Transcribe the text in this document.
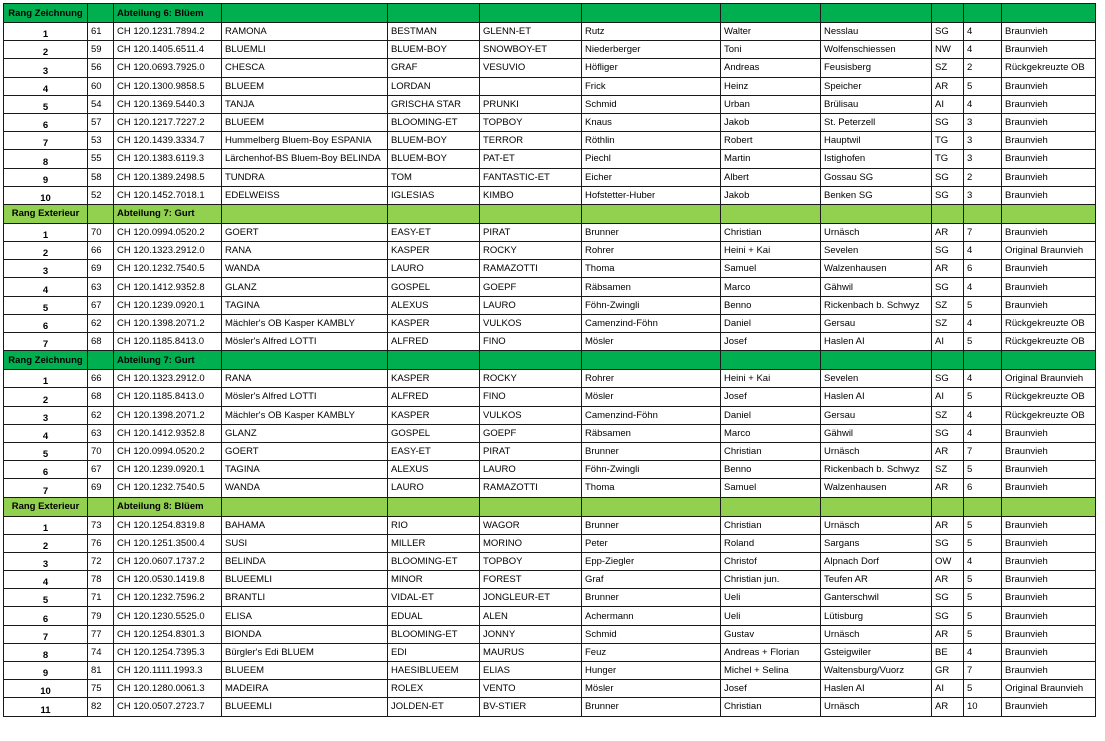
Rang Zeichnung		Abteilung 6: Blüem									
1	61	CH 120.1231.7894.2	RAMONA	BESTMAN	GLENN-ET	Rutz	Walter	Nesslau	SG	4	Braunvieh
2	59	CH 120.1405.6511.4	BLUEMLI	BLUEM-BOY	SNOWBOY-ET	Niederberger	Toni	Wolfenschiessen	NW	4	Braunvieh
3	56	CH 120.0693.7925.0	CHESCA	GRAF	VESUVIO	Höfliger	Andreas	Feusisberg	SZ	2	Rückgekreuzte OB
4	60	CH 120.1300.9858.5	BLUEEM	LORDAN		Frick	Heinz	Speicher	AR	5	Braunvieh
5	54	CH 120.1369.5440.3	TANJA	GRISCHA STAR	PRUNKI	Schmid	Urban	Brülisau	AI	4	Braunvieh
6	57	CH 120.1217.7227.2	BLUEEM	BLOOMING-ET	TOPBOY	Knaus	Jakob	St. Peterzell	SG	3	Braunvieh
7	53	CH 120.1439.3334.7	Hummelberg Bluem-Boy ESPANIA	BLUEM-BOY	TERROR	Röthlin	Robert	Hauptwil	TG	3	Braunvieh
8	55	CH 120.1383.6119.3	Lärchenhof-BS Bluem-Boy BELINDA	BLUEM-BOY	PAT-ET	Piechl	Martin	Istighofen	TG	3	Braunvieh
9	58	CH 120.1389.2498.5	TUNDRA	TOM	FANTASTIC-ET	Eicher	Albert	Gossau SG	SG	2	Braunvieh
10	52	CH 120.1452.7018.1	EDELWEISS	IGLESIAS	KIMBO	Hofstetter-Huber	Jakob	Benken SG	SG	3	Braunvieh
Rang Exterieur		Abteilung 7: Gurt									
1	70	CH 120.0994.0520.2	GOERT	EASY-ET	PIRAT	Brunner	Christian	Urnäsch	AR	7	Braunvieh
2	66	CH 120.1323.2912.0	RANA	KASPER	ROCKY	Rohrer	Heini + Kai	Sevelen	SG	4	Original Braunvieh
3	69	CH 120.1232.7540.5	WANDA	LAURO	RAMAZOTTI	Thoma	Samuel	Walzenhausen	AR	6	Braunvieh
4	63	CH 120.1412.9352.8	GLANZ	GOSPEL	GOEPF	Räbsamen	Marco	Gähwil	SG	4	Braunvieh
5	67	CH 120.1239.0920.1	TAGINA	ALEXUS	LAURO	Föhn-Zwingli	Benno	Rickenbach b. Schwyz	SZ	5	Braunvieh
6	62	CH 120.1398.2071.2	Mächler's OB Kasper KAMBLY	KASPER	VULKOS	Camenzind-Föhn	Daniel	Gersau	SZ	4	Rückgekreuzte OB
7	68	CH 120.1185.8413.0	Mösler's Alfred LOTTI	ALFRED	FINO	Mösler	Josef	Haslen AI	AI	5	Rückgekreuzte OB
Rang Zeichnung		Abteilung 7: Gurt									
1	66	CH 120.1323.2912.0	RANA	KASPER	ROCKY	Rohrer	Heini + Kai	Sevelen	SG	4	Original Braunvieh
2	68	CH 120.1185.8413.0	Mösler's Alfred LOTTI	ALFRED	FINO	Mösler	Josef	Haslen AI	AI	5	Rückgekreuzte OB
3	62	CH 120.1398.2071.2	Mächler's OB Kasper KAMBLY	KASPER	VULKOS	Camenzind-Föhn	Daniel	Gersau	SZ	4	Rückgekreuzte OB
4	63	CH 120.1412.9352.8	GLANZ	GOSPEL	GOEPF	Räbsamen	Marco	Gähwil	SG	4	Braunvieh
5	70	CH 120.0994.0520.2	GOERT	EASY-ET	PIRAT	Brunner	Christian	Urnäsch	AR	7	Braunvieh
6	67	CH 120.1239.0920.1	TAGINA	ALEXUS	LAURO	Föhn-Zwingli	Benno	Rickenbach b. Schwyz	SZ	5	Braunvieh
7	69	CH 120.1232.7540.5	WANDA	LAURO	RAMAZOTTI	Thoma	Samuel	Walzenhausen	AR	6	Braunvieh
Rang Exterieur		Abteilung 8: Blüem									
1	73	CH 120.1254.8319.8	BAHAMA	RIO	WAGOR	Brunner	Christian	Urnäsch	AR	5	Braunvieh
2	76	CH 120.1251.3500.4	SUSI	MILLER	MORINO	Peter	Roland	Sargans	SG	5	Braunvieh
3	72	CH 120.0607.1737.2	BELINDA	BLOOMING-ET	TOPBOY	Epp-Ziegler	Christof	Alpnach Dorf	OW	4	Braunvieh
4	78	CH 120.0530.1419.8	BLUEEMLI	MINOR	FOREST	Graf	Christian jun.	Teufen AR	AR	5	Braunvieh
5	71	CH 120.1232.7596.2	BRANTLI	VIDAL-ET	JONGLEUR-ET	Brunner	Ueli	Ganterschwil	SG	5	Braunvieh
6	79	CH 120.1230.5525.0	ELISA	EDUAL	ALEN	Achermann	Ueli	Lütisburg	SG	5	Braunvieh
7	77	CH 120.1254.8301.3	BIONDA	BLOOMING-ET	JONNY	Schmid	Gustav	Urnäsch	AR	5	Braunvieh
8	74	CH 120.1254.7395.3	Bürgler's Edi BLUEM	EDI	MAURUS	Feuz	Andreas + Florian	Gsteigwiler	BE	4	Braunvieh
9	81	CH 120.1111.1993.3	BLUEEM	HAESIBLUEEM	ELIAS	Hunger	Michel + Selina	Waltensburg/Vuorz	GR	7	Braunvieh
10	75	CH 120.1280.0061.3	MADEIRA	ROLEX	VENTO	Mösler	Josef	Haslen AI	AI	5	Original Braunvieh
11	82	CH 120.0507.2723.7	BLUEEMLI	JOLDEN-ET	BV-STIER	Brunner	Christian	Urnäsch	AR	10	Braunvieh
